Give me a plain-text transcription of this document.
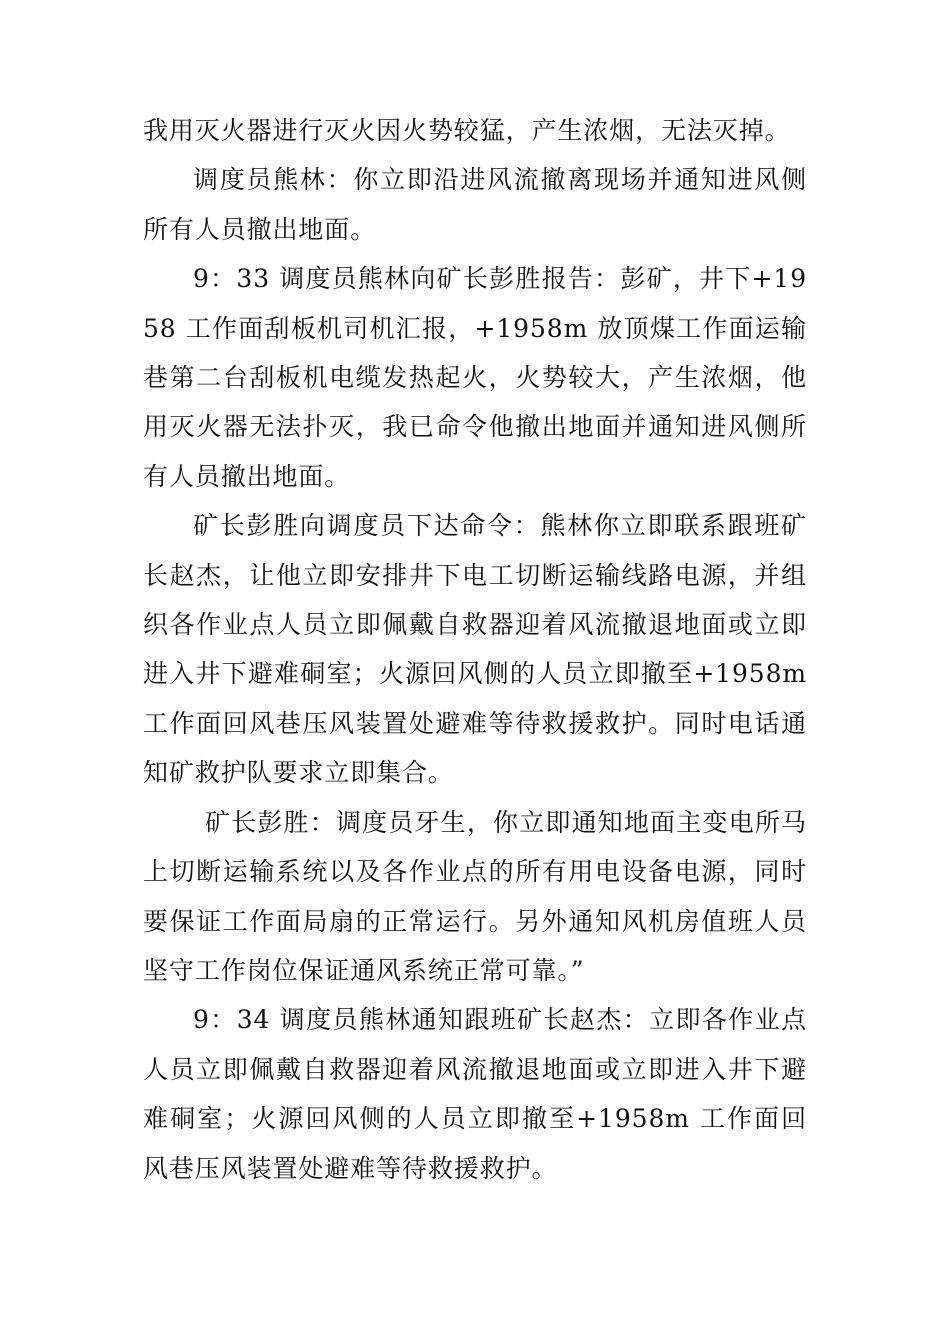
我用灭火器进行灭火因火势较猛，产生浓烟，无法灭掉。

调度员熊林：你立即沿进风流撤离现场并通知进风侧所有人员撤出地面。

9：33 调度员熊林向矿长彭胜报告：彭矿，井下+1958 工作面刮板机司机汇报，+1958m 放顶煤工作面运输巷第二台刮板机电缆发热起火，火势较大，产生浓烟，他用灭火器无法扑灭，我已命令他撤出地面并通知进风侧所有人员撤出地面。

矿长彭胜向调度员下达命令：熊林你立即联系跟班矿长赵杰，让他立即安排井下电工切断运输线路电源，并组织各作业点人员立即佩戴自救器迎着风流撤退地面或立即进入井下避难硐室；火源回风侧的人员立即撤至+1958m 工作面回风巷压风装置处避难等待救援救护。同时电话通知矿救护队要求立即集合。

矿长彭胜：调度员牙生，你立即通知地面主变电所马上切断运输系统以及各作业点的所有用电设备电源，同时要保证工作面局扇的正常运行。另外通知风机房值班人员坚守工作岗位保证通风系统正常可靠。”

9：34 调度员熊林通知跟班矿长赵杰：立即各作业点人员立即佩戴自救器迎着风流撤退地面或立即进入井下避难硐室；火源回风侧的人员立即撤至+1958m 工作面回风巷压风装置处避难等待救援救护。
